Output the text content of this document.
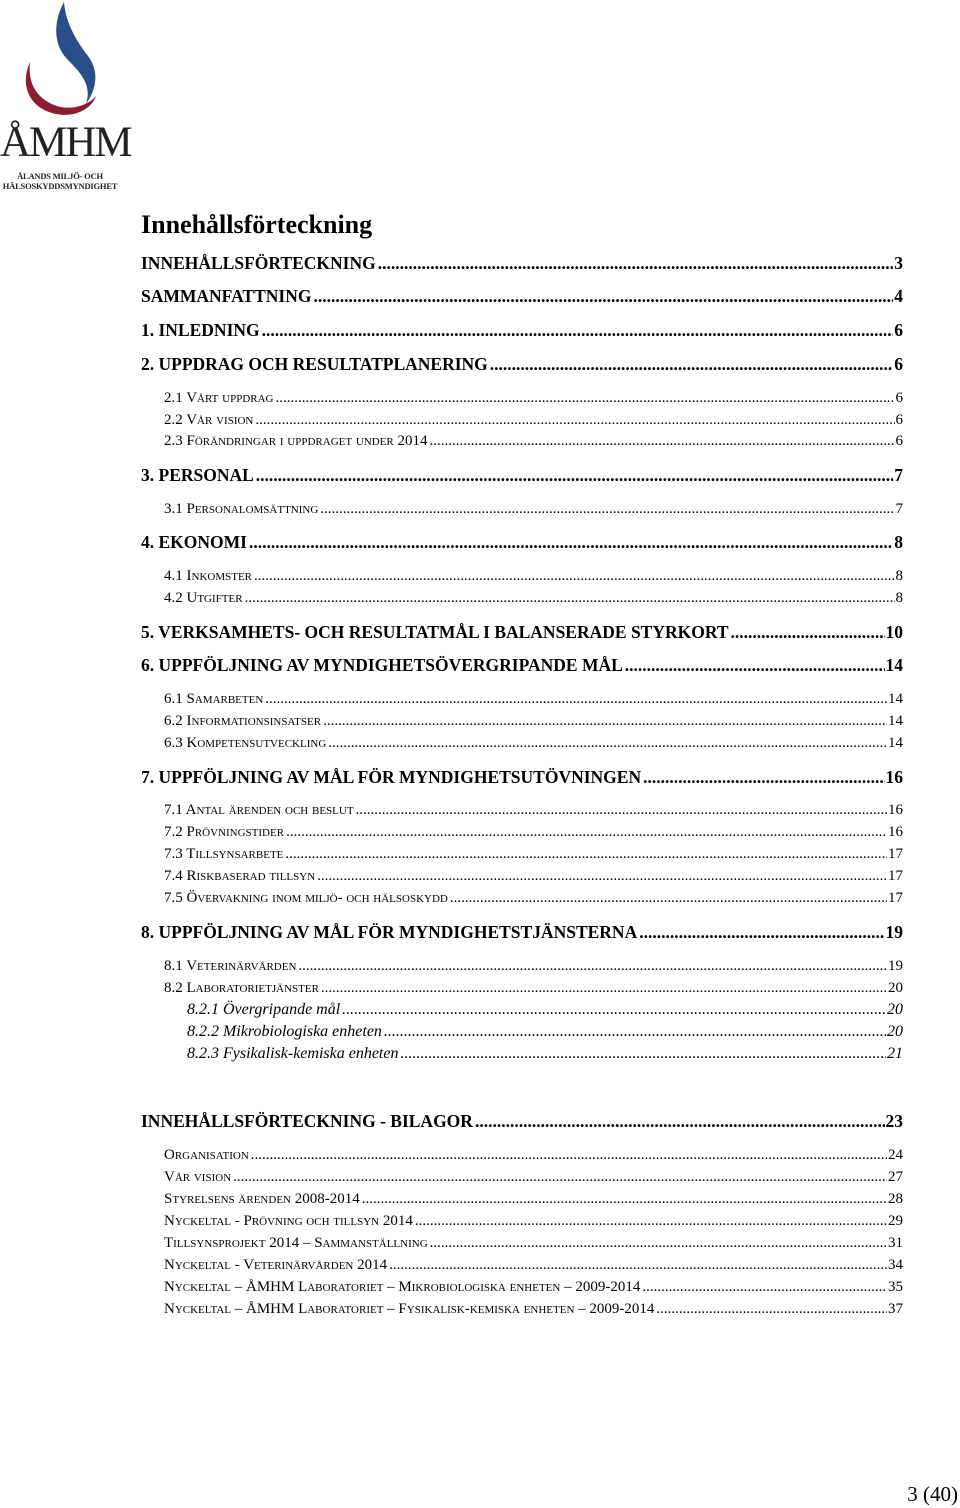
ÅMHM
ÅLANDS MILJÖ- OCH
HÄLSOSKYDDSMYNDIGHET
Innehållsförteckning
INNEHÅLLSFÖRTECKNING .....	3
SAMMANFATTNING .....	4
1. INLEDNING .....	6
2. UPPDRAG OCH RESULTATPLANERING .....	6
2.1 Vårt uppdrag .....	6
2.2 Vår vision .....	6
2.3 Förändringar i uppdraget under 2014 .....	6
3. PERSONAL .....	7
3.1 Personalomsättning .....	7
4. EKONOMI .....	8
4.1 Inkomster .....	8
4.2 Utgifter .....	8
5. VERKSAMHETS- OCH RESULTATMÅL I BALANSERADE STYRKORT .....	10
6. UPPFÖLJNING AV MYNDIGHETSÖVERGRIPANDE MÅL .....	14
6.1 Samarbeten .....	14
6.2 Informationsinsatser .....	14
6.3 Kompetensutveckling .....	14
7. UPPFÖLJNING AV MÅL FÖR MYNDIGHETSUTÖVNINGEN .....	16
7.1 Antal ärenden och beslut .....	16
7.2 Prövningstider .....	16
7.3 Tillsynsarbete .....	17
7.4 Riskbaserad tillsyn .....	17
7.5 Övervakning inom miljö- och hälsoskydd .....	17
8. UPPFÖLJNING AV MÅL FÖR MYNDIGHETSTJÄNSTERNA .....	19
8.1 Veterinärvården .....	19
8.2 Laboratorietjänster .....	20
8.2.1 Övergripande mål .....	20
8.2.2 Mikrobiologiska enheten .....	20
8.2.3 Fysikalisk-kemiska enheten .....	21
INNEHÅLLSFÖRTECKNING - BILAGOR .....	23
Organisation .....	24
Vår vision .....	27
Styrelsens ärenden 2008-2014 .....	28
Nyckeltal - Prövning och tillsyn 2014 .....	29
Tillsynsprojekt 2014 – Sammanställning .....	31
Nyckeltal - Veterinärvården 2014 .....	34
Nyckeltal – ÅMHM Laboratoriet – Mikrobiologiska enheten – 2009-2014 .....	35
Nyckeltal – ÅMHM Laboratoriet – Fysikalisk-kemiska enheten – 2009-2014 .....	37
3 (40)
